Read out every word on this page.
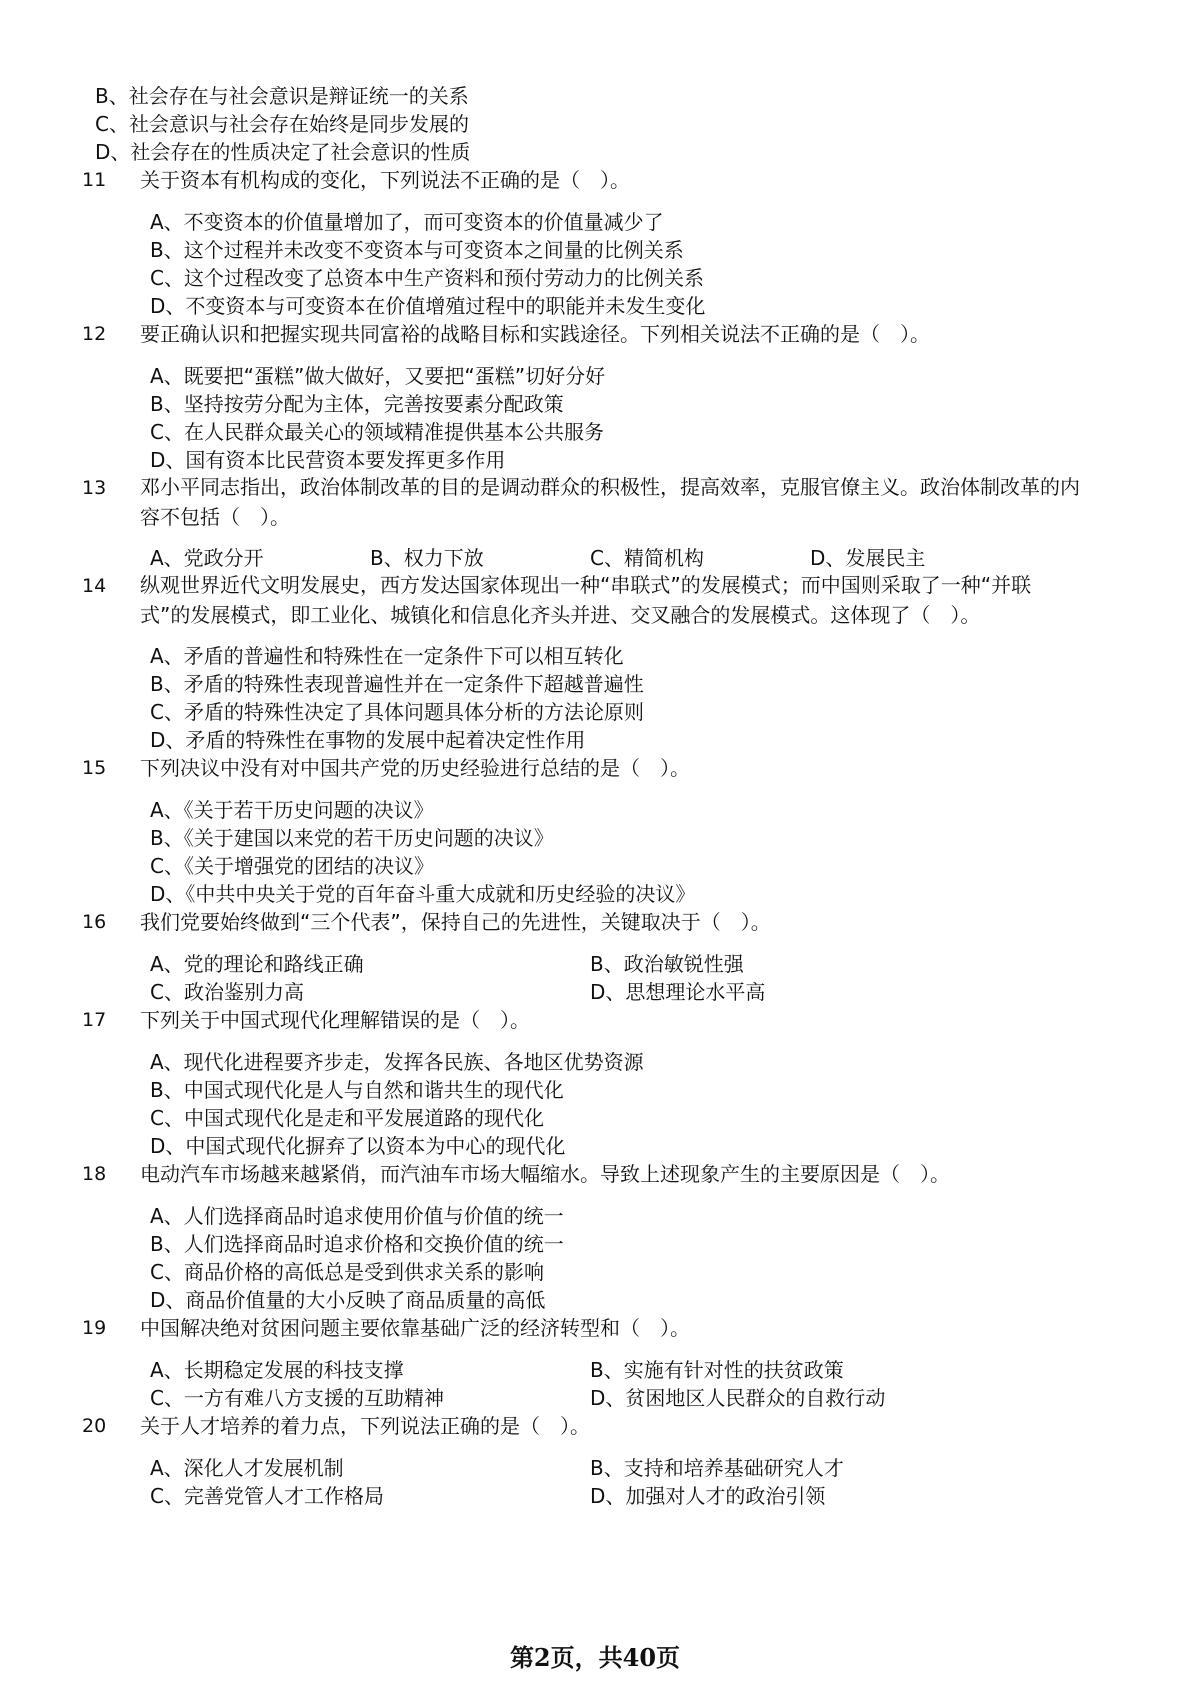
B、社会存在与社会意识是辩证统一的关系
C、社会意识与社会存在始终是同步发展的
D、社会存在的性质决定了社会意识的性质
11 关于资本有机构成的变化，下列说法不正确的是（　）。
A、不变资本的价值量增加了，而可变资本的价值量减少了
B、这个过程并未改变不变资本与可变资本之间量的比例关系
C、这个过程改变了总资本中生产资料和预付劳动力的比例关系
D、不变资本与可变资本在价值增殖过程中的职能并未发生变化
12 要正确认识和把握实现共同富裕的战略目标和实践途径。下列相关说法不正确的是（　）。
A、既要把“蛋糕”做大做好，又要把“蛋糕”切好分好
B、坚持按劳分配为主体，完善按要素分配政策
C、在人民群众最关心的领域精准提供基本公共服务
D、国有资本比民营资本要发挥更多作用
13 邓小平同志指出，政治体制改革的目的是调动群众的积极性，提高效率，克服官僚主义。政治体制改革的内容不包括（　）。
A、党政分开	B、权力下放	C、精简机构	D、发展民主
14 纵观世界近代文明发展史，西方发达国家体现出一种“串联式”的发展模式；而中国则采取了一种“并联式”的发展模式，即工业化、城镇化和信息化齐头并进、交叉融合的发展模式。这体现了（　）。
A、矛盾的普遍性和特殊性在一定条件下可以相互转化
B、矛盾的特殊性表现普遍性并在一定条件下超越普遍性
C、矛盾的特殊性决定了具体问题具体分析的方法论原则
D、矛盾的特殊性在事物的发展中起着决定性作用
15 下列决议中没有对中国共产党的历史经验进行总结的是（　）。
A、《关于若干历史问题的决议》
B、《关于建国以来党的若干历史问题的决议》
C、《关于增强党的团结的决议》
D、《中共中央关于党的百年奋斗重大成就和历史经验的决议》
16 我们党要始终做到“三个代表”，保持自己的先进性，关键取决于（　）。
A、党的理论和路线正确	B、政治敏锐性强
C、政治鉴别力高	D、思想理论水平高
17 下列关于中国式现代化理解错误的是（　）。
A、现代化进程要齐步走，发挥各民族、各地区优势资源
B、中国式现代化是人与自然和谐共生的现代化
C、中国式现代化是走和平发展道路的现代化
D、中国式现代化摒弃了以资本为中心的现代化
18 电动汽车市场越来越紧俏，而汽油车市场大幅缩水。导致上述现象产生的主要原因是（　）。
A、人们选择商品时追求使用价值与价值的统一
B、人们选择商品时追求价格和交换价值的统一
C、商品价格的高低总是受到供求关系的影响
D、商品价值量的大小反映了商品质量的高低
19 中国解决绝对贫困问题主要依靠基础广泛的经济转型和（　）。
A、长期稳定发展的科技支撑	B、实施有针对性的扶贫政策
C、一方有难八方支援的互助精神	D、贫困地区人民群众的自救行动
20 关于人才培养的着力点，下列说法正确的是（　）。
A、深化人才发展机制	B、支持和培养基础研究人才
C、完善党管人才工作格局	D、加强对人才的政治引领
第2页，共40页
